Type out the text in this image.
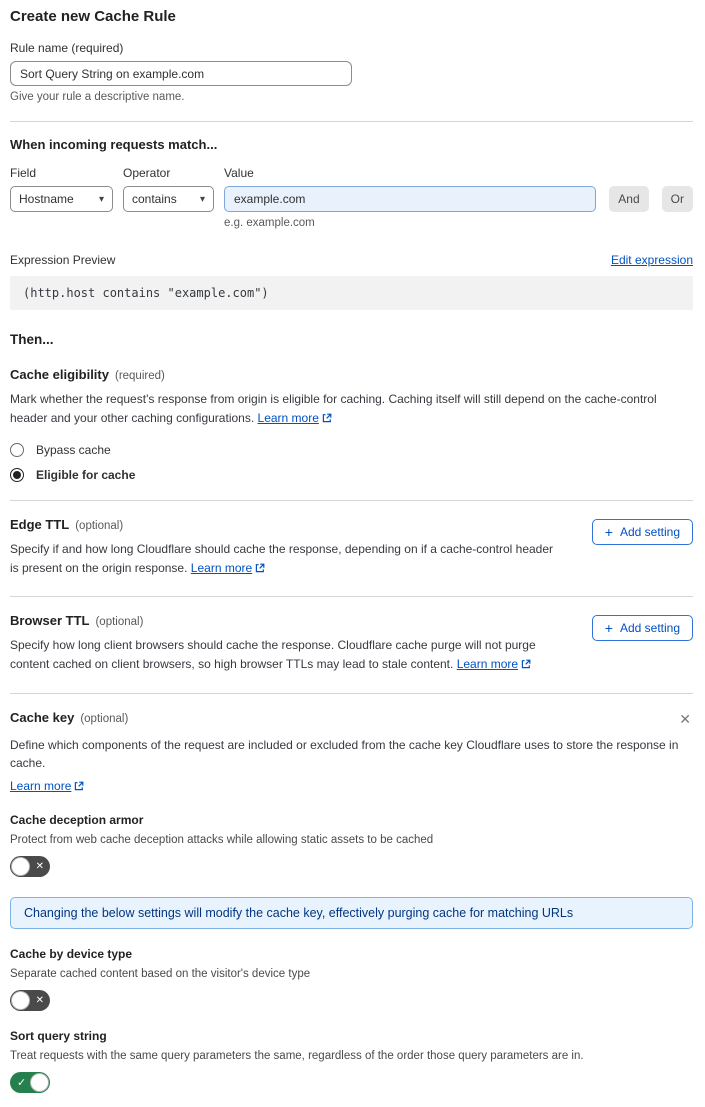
Create new Cache Rule
Rule name (required)
Sort Query String on example.com
Give your rule a descriptive name.
When incoming requests match...
Field
Hostname	▾
Operator
contains ▾
Value
example.com
e.g. example.com

And	Or
Expression Preview	Edit expression
(http.host contains "example.com")
Then...
Cache eligibility (required)
Mark whether the request's response from origin is eligible for caching. Caching itself will still depend on the cache-control header and your other caching configurations. Learn more
Bypass cache
Eligible for cache
Edge TTL (optional)
Specify if and how long Cloudflare should cache the response, depending on if a cache-control header is present on the origin response. Learn more
+ Add setting
Browser TTL (optional)
Specify how long client browsers should cache the response. Cloudflare cache purge will not purge content cached on client browsers, so high browser TTLs may lead to stale content. Learn more
+ Add setting
Cache key (optional)	✕
Define which components of the request are included or excluded from the cache key Cloudflare uses to store the response in cache.
Learn more
Cache deception armor
Protect from web cache deception attacks while allowing static assets to be cached
✕
Changing the below settings will modify the cache key, effectively purging cache for matching URLs
Cache by device type
Separate cached content based on the visitor's device type
✕
Sort query string
Treat requests with the same query parameters the same, regardless of the order those query parameters are in.
✓
